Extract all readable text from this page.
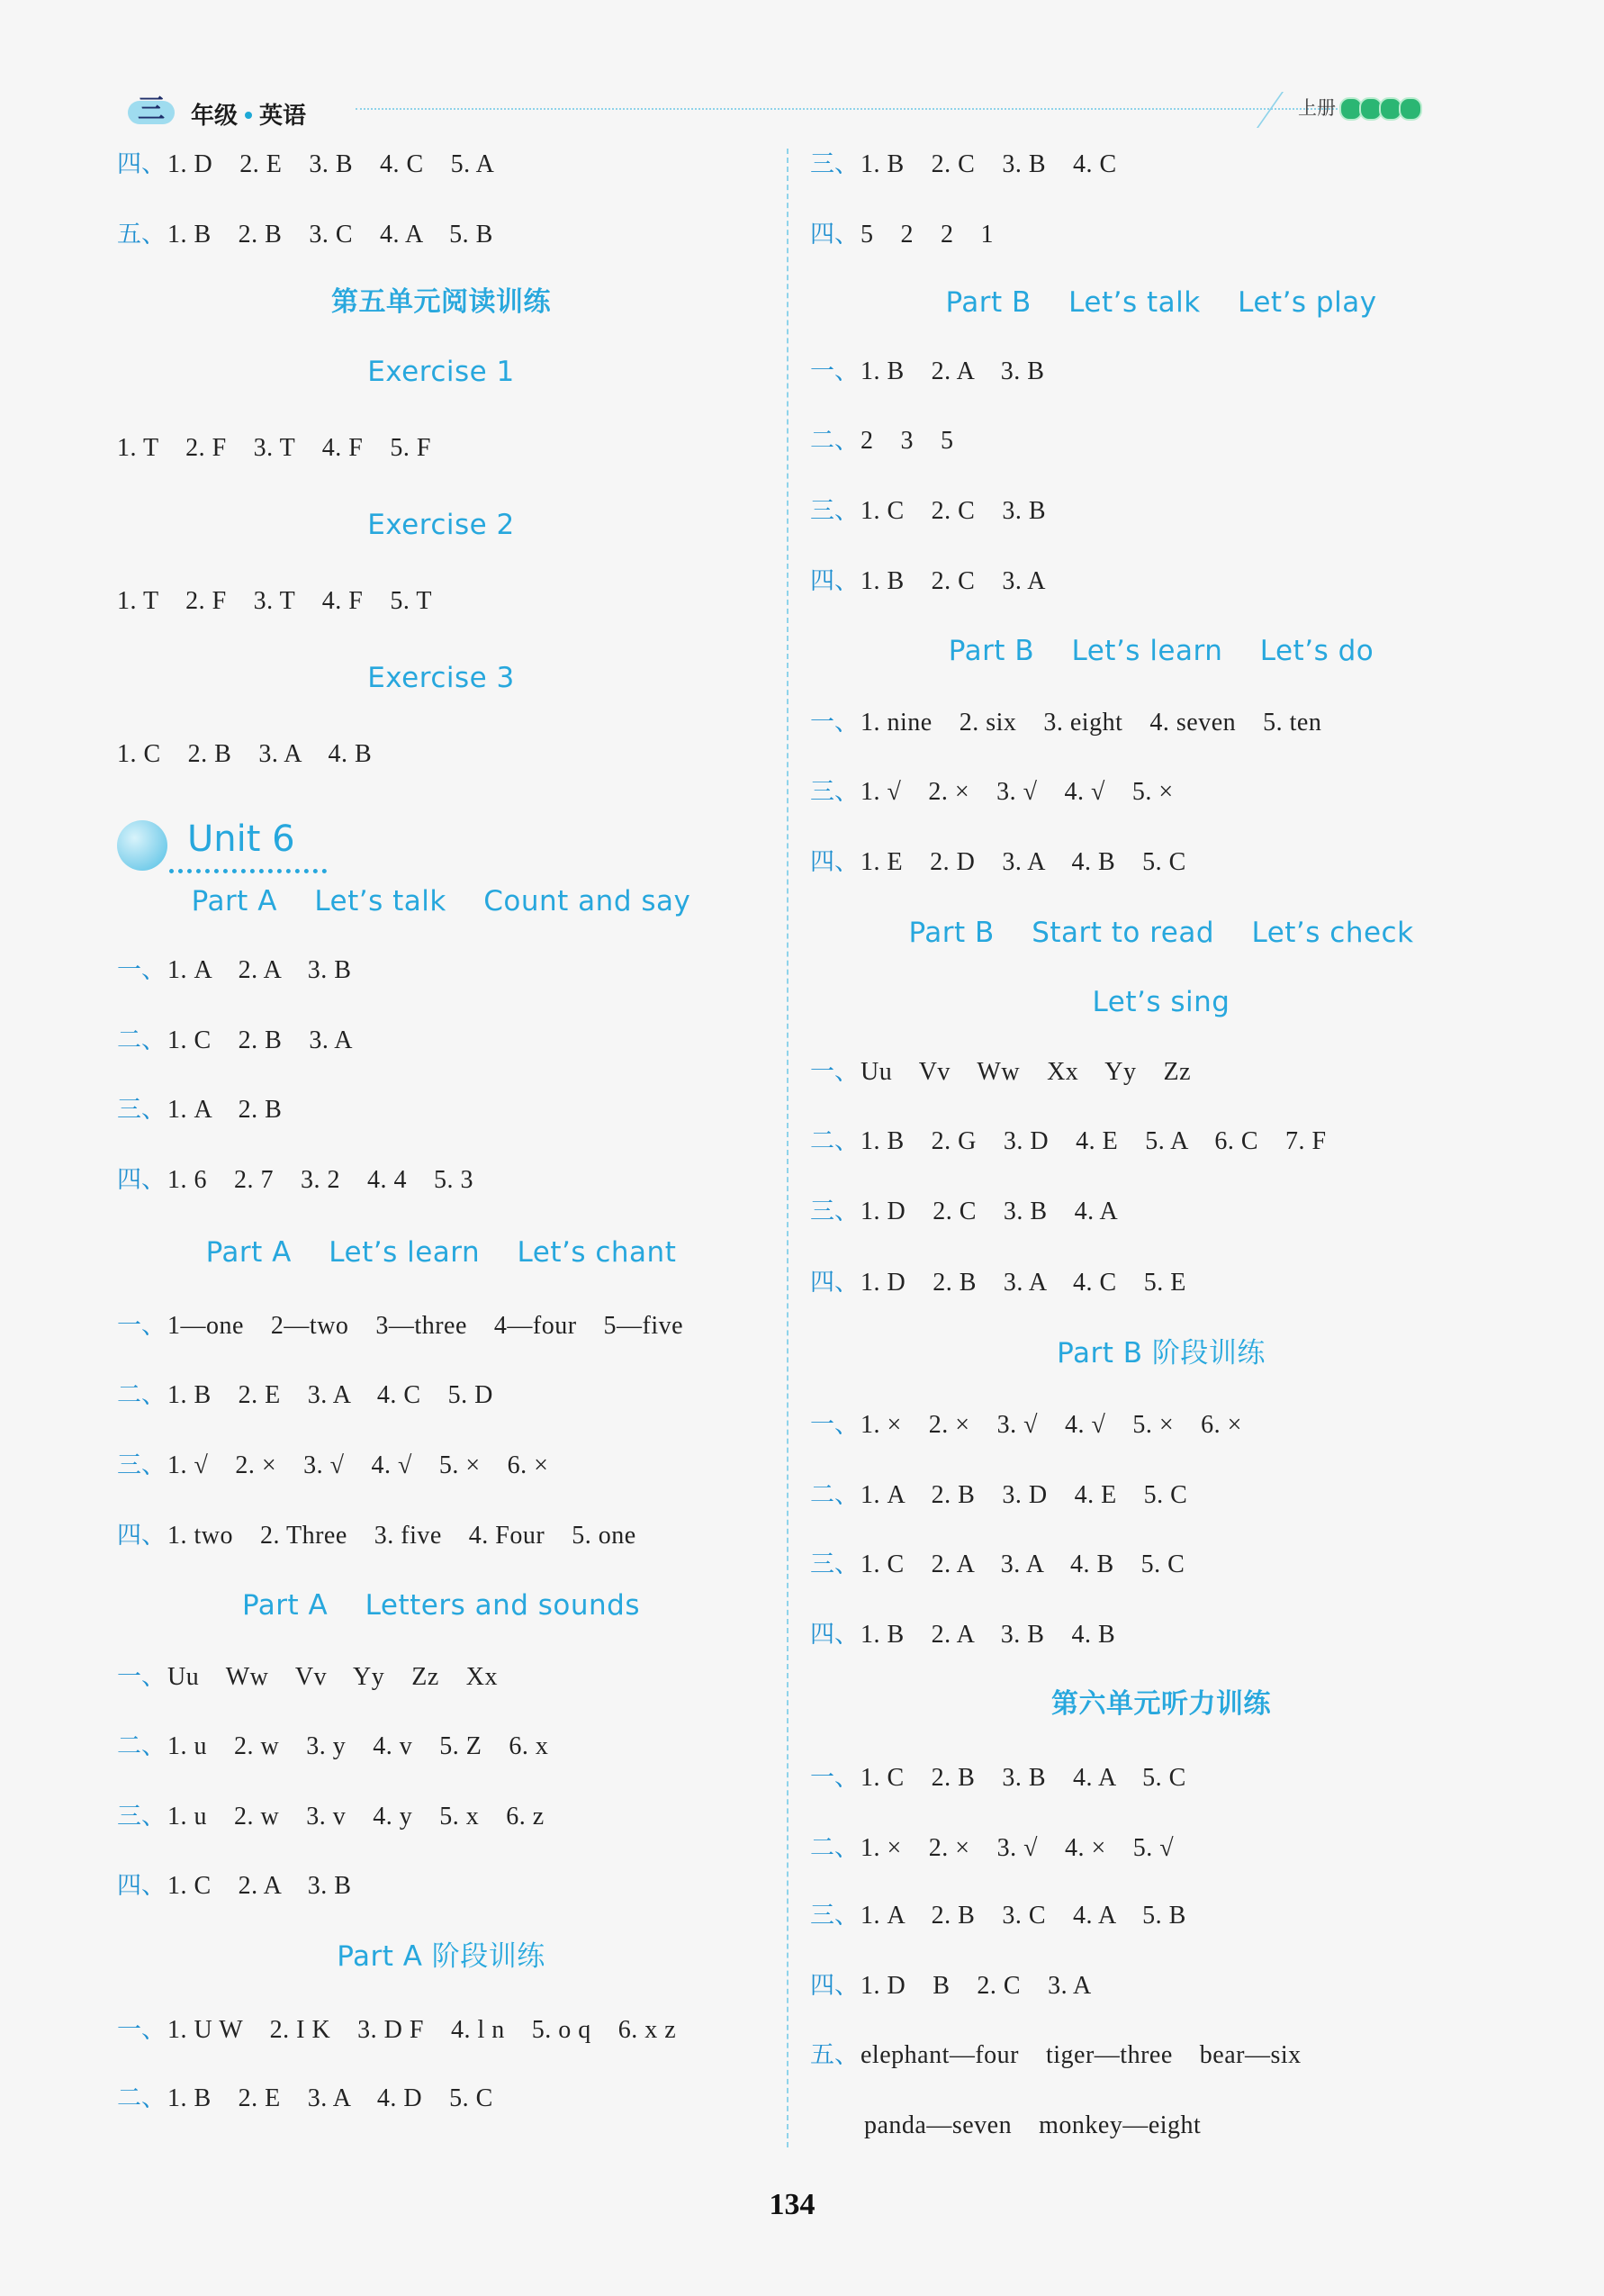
三 年级 英语	上册
四、1. D    2. E    3. B    4. C    5. A
五、1. B    2. B    3. C    4. A    5. B
第五单元阅读训练
Exercise 1
1. T    2. F    3. T    4. F    5. F
Exercise 2
1. T    2. F    3. T    4. F    5. T
Exercise 3
1. C    2. B    3. A    4. B
Part A    Let’s talk    Count and say
一、1. A    2. A    3. B
二、1. C    2. B    3. A
三、1. A    2. B
四、1. 6    2. 7    3. 2    4. 4    5. 3
Part A    Let’s learn    Let’s chant
一、1—one    2—two    3—three    4—four    5—five
二、1. B    2. E    3. A    4. C    5. D
三、1. √    2. ×    3. √    4. √    5. ×    6. ×
四、1. two    2. Three    3. five    4. Four    5. one
Part A    Letters and sounds
一、Uu    Ww    Vv    Yy    Zz    Xx
二、1. u    2. w    3. y    4. v    5. Z    6. x
三、1. u    2. w    3. v    4. y    5. x    6. z
四、1. C    2. A    3. B
Part A 阶段训练
一、1. U W    2. I K    3. D F    4. l n    5. o q    6. x z
二、1. B    2. E    3. A    4. D    5. C
三、1. B    2. C    3. B    4. C
四、5    2    2    1
Part B    Let’s talk    Let’s play
一、1. B    2. A    3. B
二、2    3    5
三、1. C    2. C    3. B
四、1. B    2. C    3. A
Part B    Let’s learn    Let’s do
一、1. nine    2. six    3. eight    4. seven    5. ten
三、1. √    2. ×    3. √    4. √    5. ×
四、1. E    2. D    3. A    4. B    5. C
Part B    Start to read    Let’s check
Let’s sing
一、Uu    Vv    Ww    Xx    Yy    Zz
二、1. B    2. G    3. D    4. E    5. A    6. C    7. F
三、1. D    2. C    3. B    4. A
四、1. D    2. B    3. A    4. C    5. E
Part B 阶段训练
一、1. ×    2. ×    3. √    4. √    5. ×    6. ×
二、1. A    2. B    3. D    4. E    5. C
三、1. C    2. A    3. A    4. B    5. C
四、1. B    2. A    3. B    4. B
第六单元听力训练
一、1. C    2. B    3. B    4. A    5. C
二、1. ×    2. ×    3. √    4. ×    5. √
三、1. A    2. B    3. C    4. A    5. B
四、1. D    B    2. C    3. A
五、elephant—four    tiger—three    bear—six
panda—seven    monkey—eight
Unit 6
134
